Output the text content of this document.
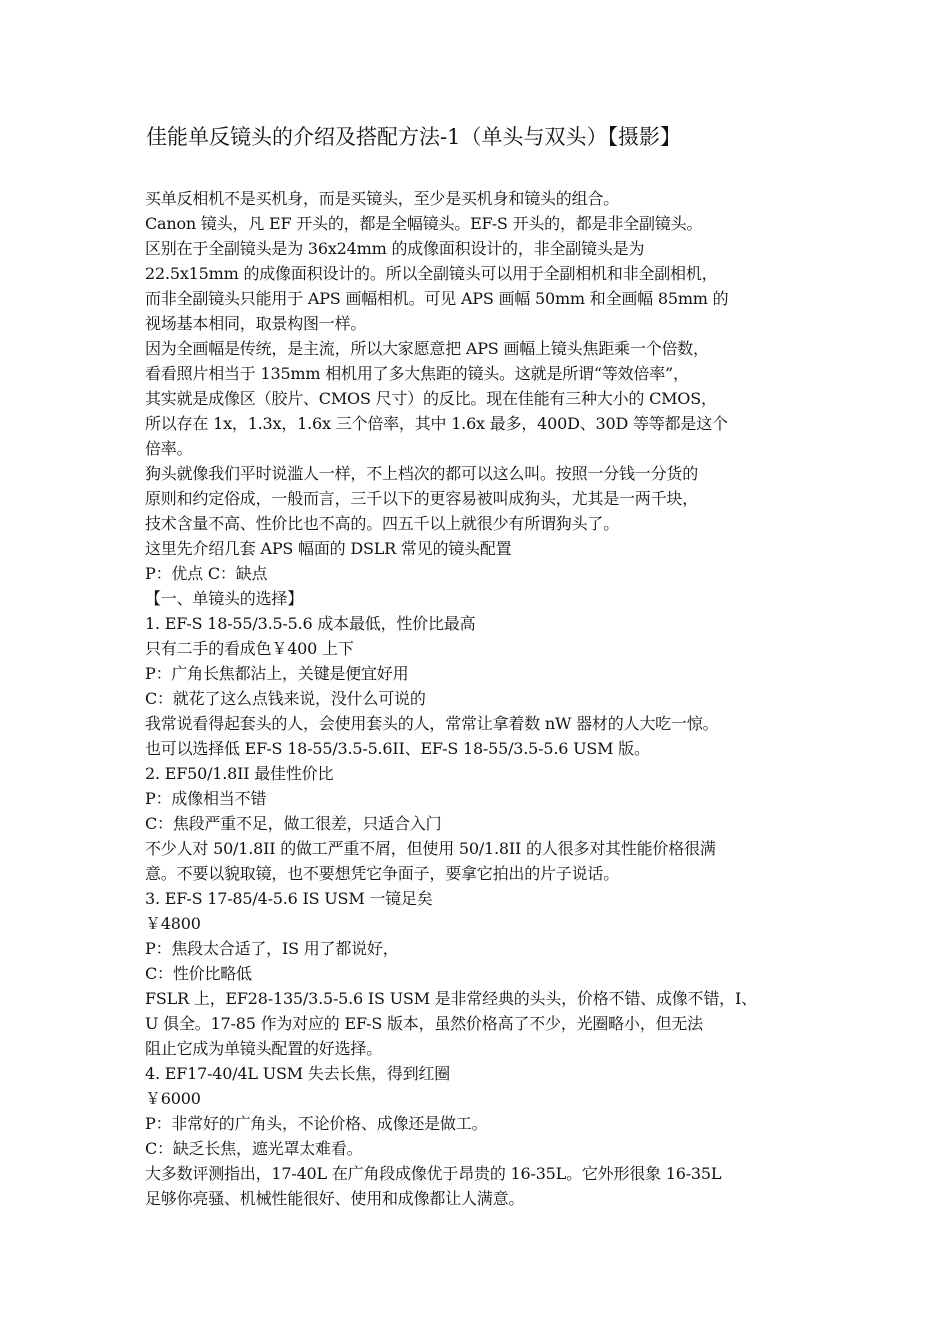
佳能单反镜头的介绍及搭配方法-1（单头与双头）【摄影】
买单反相机不是买机身，而是买镜头，至少是买机身和镜头的组合。
Canon 镜头，凡 EF 开头的，都是全幅镜头。EF-S 开头的，都是非全副镜头。
区别在于全副镜头是为 36x24mm 的成像面积设计的，非全副镜头是为
22.5x15mm 的成像面积设计的。所以全副镜头可以用于全副相机和非全副相机，
而非全副镜头只能用于 APS 画幅相机。可见 APS 画幅 50mm 和全画幅 85mm 的
视场基本相同，取景构图一样。
因为全画幅是传统，是主流，所以大家愿意把 APS 画幅上镜头焦距乘一个倍数，
看看照片相当于 135mm 相机用了多大焦距的镜头。这就是所谓“等效倍率”，
其实就是成像区（胶片、CMOS 尺寸）的反比。现在佳能有三种大小的 CMOS，
所以存在 1x，1.3x，1.6x 三个倍率，其中 1.6x 最多，400D、30D 等等都是这个
倍率。
狗头就像我们平时说滥人一样，不上档次的都可以这么叫。按照一分钱一分货的
原则和约定俗成，一般而言，三千以下的更容易被叫成狗头，尤其是一两千块，
技术含量不高、性价比也不高的。四五千以上就很少有所谓狗头了。
这里先介绍几套 APS 幅面的 DSLR 常见的镜头配置
P：优点 C：缺点
【一、单镜头的选择】
1. EF-S 18-55/3.5-5.6 成本最低，性价比最高
只有二手的看成色￥400 上下
P：广角长焦都沾上，关键是便宜好用
C：就花了这么点钱来说，没什么可说的
我常说看得起套头的人，会使用套头的人，常常让拿着数 nW 器材的人大吃一惊。
也可以选择低 EF-S 18-55/3.5-5.6II、EF-S 18-55/3.5-5.6 USM 版。
2. EF50/1.8II 最佳性价比
P：成像相当不错
C：焦段严重不足，做工很差，只适合入门
不少人对 50/1.8II 的做工严重不屑，但使用 50/1.8II 的人很多对其性能价格很满
意。不要以貌取镜，也不要想凭它争面子，要拿它拍出的片子说话。
3. EF-S 17-85/4-5.6 IS USM 一镜足矣
￥4800
P：焦段太合适了，IS 用了都说好，
C：性价比略低
FSLR 上，EF28-135/3.5-5.6 IS USM 是非常经典的头头，价格不错、成像不错，I、
U 俱全。17-85 作为对应的 EF-S 版本，虽然价格高了不少，光圈略小，但无法
阻止它成为单镜头配置的好选择。
4. EF17-40/4L USM 失去长焦，得到红圈
￥6000
P：非常好的广角头，不论价格、成像还是做工。
C：缺乏长焦，遮光罩太难看。
大多数评测指出，17-40L 在广角段成像优于昂贵的 16-35L。它外形很象 16-35L
足够你亮骚、机械性能很好、使用和成像都让人满意。
